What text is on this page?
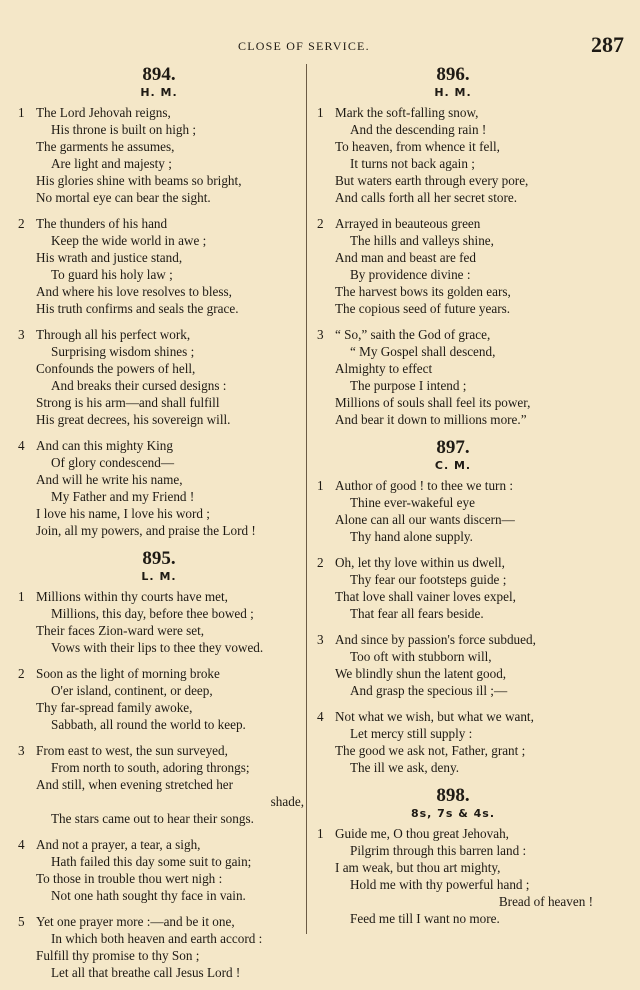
CLOSE OF SERVICE.	287
894.
H. M.
1 The Lord Jehovah reigns,
His throne is built on high ;
The garments he assumes,
Are light and majesty ;
His glories shine with beams so bright,
No mortal eye can bear the sight.
2 The thunders of his hand
Keep the wide world in awe ;
His wrath and justice stand,
To guard his holy law ;
And where his love resolves to bless,
His truth confirms and seals the grace.
3 Through all his perfect work,
Surprising wisdom shines ;
Confounds the powers of hell,
And breaks their cursed designs :
Strong is his arm—and shall fulfill
His great decrees, his sovereign will.
4 And can this mighty King
Of glory condescend—
And will he write his name,
My Father and my Friend !
I love his name, I love his word ;
Join, all my powers, and praise the Lord !
895.
L. M.
1 Millions within thy courts have met,
Millions, this day, before thee bowed ;
Their faces Zion-ward were set,
Vows with their lips to thee they vowed.
2 Soon as the light of morning broke
O'er island, continent, or deep,
Thy far-spread family awoke,
Sabbath, all round the world to keep.
3 From east to west, the sun surveyed,
From north to south, adoring throngs;
And still, when evening stretched her
shade,
The stars came out to hear their songs.
4 And not a prayer, a tear, a sigh,
Hath failed this day some suit to gain;
To those in trouble thou wert nigh :
Not one hath sought thy face in vain.
5 Yet one prayer more :—and be it one,
In which both heaven and earth accord :
Fulfill thy promise to thy Son ;
Let all that breathe call Jesus Lord !
896.
H. M.
1 Mark the soft-falling snow,
And the descending rain !
To heaven, from whence it fell,
It turns not back again ;
But waters earth through every pore,
And calls forth all her secret store.
2 Arrayed in beauteous green
The hills and valleys shine,
And man and beast are fed
By providence divine :
The harvest bows its golden ears,
The copious seed of future years.
3 “ So,” saith the God of grace,
“ My Gospel shall descend,
Almighty to effect
The purpose I intend ;
Millions of souls shall feel its power,
And bear it down to millions more.”
897.
C. M.
1 Author of good ! to thee we turn :
Thine ever-wakeful eye
Alone can all our wants discern—
Thy hand alone supply.
2 Oh, let thy love within us dwell,
Thy fear our footsteps guide ;
That love shall vainer loves expel,
That fear all fears beside.
3 And since by passion's force subdued,
Too oft with stubborn will,
We blindly shun the latent good,
And grasp the specious ill ;—
4 Not what we wish, but what we want,
Let mercy still supply :
The good we ask not, Father, grant ;
The ill we ask, deny.
898.
8s, 7s & 4s.
1 Guide me, O thou great Jehovah,
Pilgrim through this barren land :
I am weak, but thou art mighty,
Hold me with thy powerful hand ;
Bread of heaven !
Feed me till I want no more.
